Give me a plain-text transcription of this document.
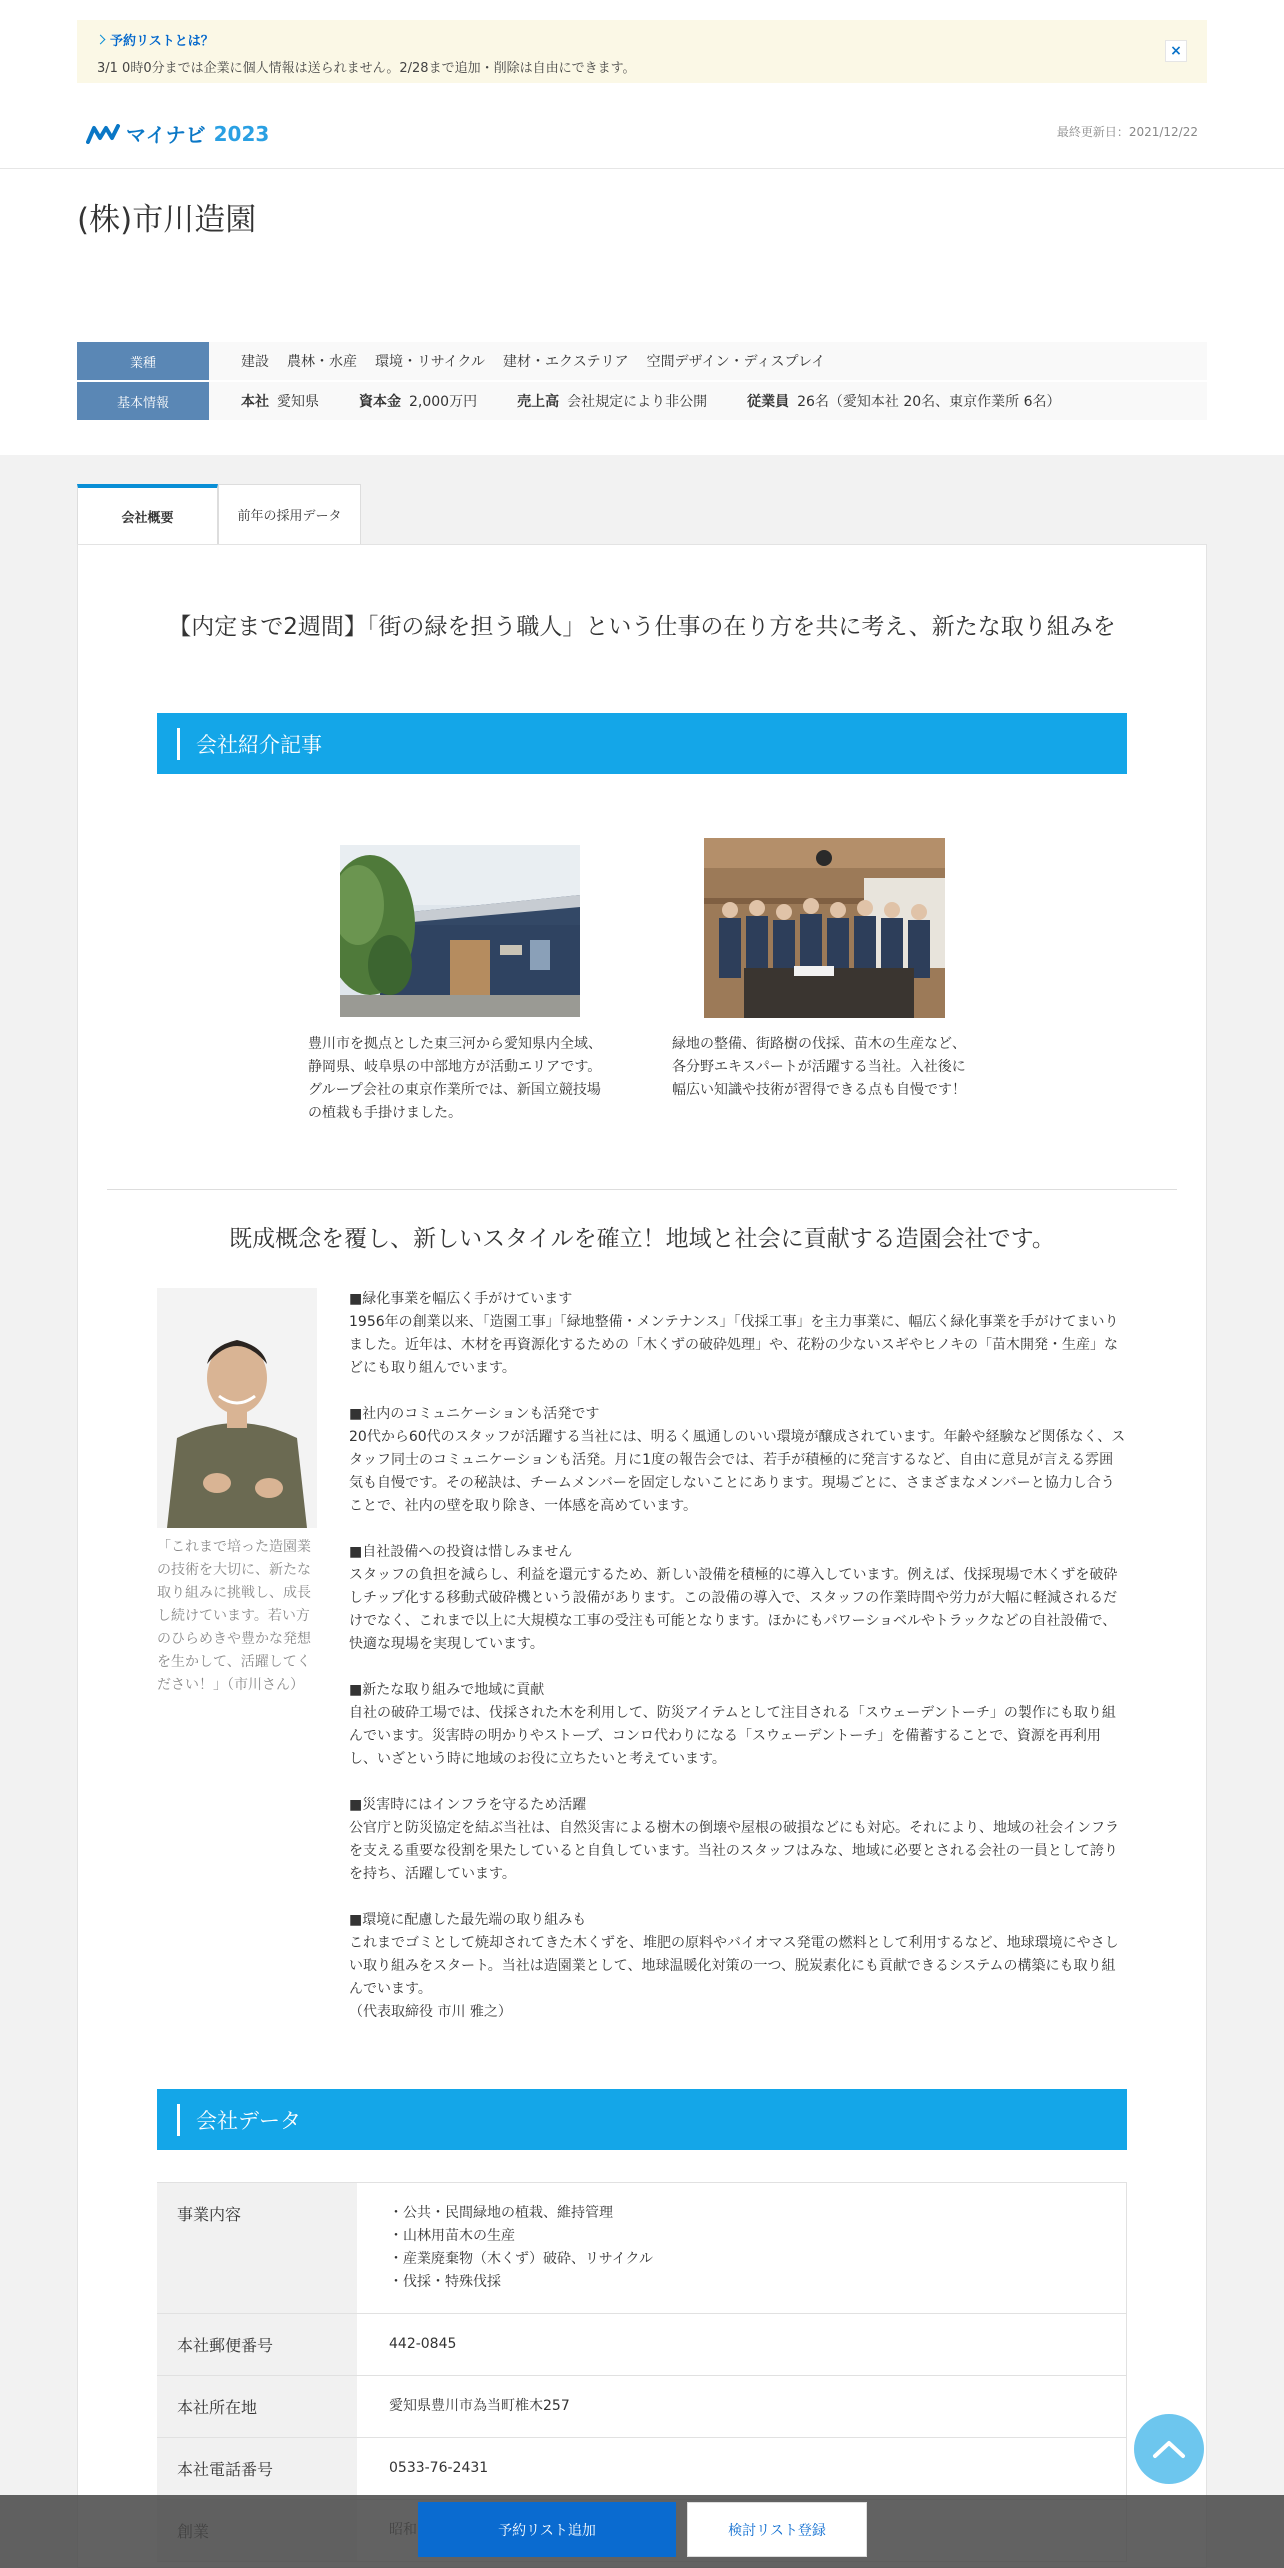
予約リストとは？
3/1 0時0分までは企業に個人情報は送られません。2/28まで追加・削除は自由にできます。
×
マイナビ 2023	最終更新日：2021/12/22
(株)市川造園
業種	建設 農林・水産 環境・リサイクル 建材・エクステリア 空間デザイン・ディスプレイ
基本情報	本社 愛知県	資本金 2,000万円	売上高 会社規定により非公開	従業員 26名（愛知本社 20名、東京作業所 6名）
会社概要	前年の採用データ
【内定まで2週間】「街の緑を担う職人」という仕事の在り方を共に考え、新たな取り組みを
会社紹介記事
豊川市を拠点とした東三河から愛知県内全域、静岡県、岐阜県の中部地方が活動エリアです。グループ会社の東京作業所では、新国立競技場の植栽も手掛けました。
緑地の整備、街路樹の伐採、苗木の生産など、各分野エキスパートが活躍する当社。入社後に幅広い知識や技術が習得できる点も自慢です！
既成概念を覆し、新しいスタイルを確立！地域と社会に貢献する造園会社です。
「これまで培った造園業の技術を大切に、新たな取り組みに挑戦し、成長し続けています。若い方のひらめきや豊かな発想を生かして、活躍してください！」（市川さん）
■緑化事業を幅広く手がけています
1956年の創業以来、「造園工事」「緑地整備・メンテナンス」「伐採工事」を主力事業に、幅広く緑化事業を手がけてまいりました。近年は、木材を再資源化するための「木くずの破砕処理」や、花粉の少ないスギやヒノキの「苗木開発・生産」などにも取り組んでいます。
■社内のコミュニケーションも活発です
20代から60代のスタッフが活躍する当社には、明るく風通しのいい環境が醸成されています。年齢や経験など関係なく、スタッフ同士のコミュニケーションも活発。月に1度の報告会では、若手が積極的に発言するなど、自由に意見が言える雰囲気も自慢です。その秘訣は、チームメンバーを固定しないことにあります。現場ごとに、さまざまなメンバーと協力し合うことで、社内の壁を取り除き、一体感を高めています。
■自社設備への投資は惜しみません
スタッフの負担を減らし、利益を還元するため、新しい設備を積極的に導入しています。例えば、伐採現場で木くずを破砕しチップ化する移動式破砕機という設備があります。この設備の導入で、スタッフの作業時間や労力が大幅に軽減されるだけでなく、これまで以上に大規模な工事の受注も可能となります。ほかにもパワーショベルやトラックなどの自社設備で、快適な現場を実現しています。
■新たな取り組みで地域に貢献
自社の破砕工場では、伐採された木を利用して、防災アイテムとして注目される「スウェーデントーチ」の製作にも取り組んでいます。災害時の明かりやストーブ、コンロ代わりになる「スウェーデントーチ」を備蓄することで、資源を再利用し、いざという時に地域のお役に立ちたいと考えています。
■災害時にはインフラを守るため活躍
公官庁と防災協定を結ぶ当社は、自然災害による樹木の倒壊や屋根の破損などにも対応。それにより、地域の社会インフラを支える重要な役割を果たしていると自負しています。当社のスタッフはみな、地域に必要とされる会社の一員として誇りを持ち、活躍しています。
■環境に配慮した最先端の取り組みも
これまでゴミとして焼却されてきた木くずを、堆肥の原料やバイオマス発電の燃料として利用するなど、地球環境にやさしい取り組みをスタート。当社は造園業として、地球温暖化対策の一つ、脱炭素化にも貢献できるシステムの構築にも取り組んでいます。
（代表取締役 市川 雅之）
会社データ
事業内容	・公共・民間緑地の植栽、維持管理
・山林用苗木の生産
・産業廃棄物（木くず）破砕、リサイクル
・伐採・特殊伐採
本社郵便番号	442-0845
本社所在地	愛知県豊川市為当町椎木257
本社電話番号	0533-76-2431
予約リスト追加	検討リスト登録
